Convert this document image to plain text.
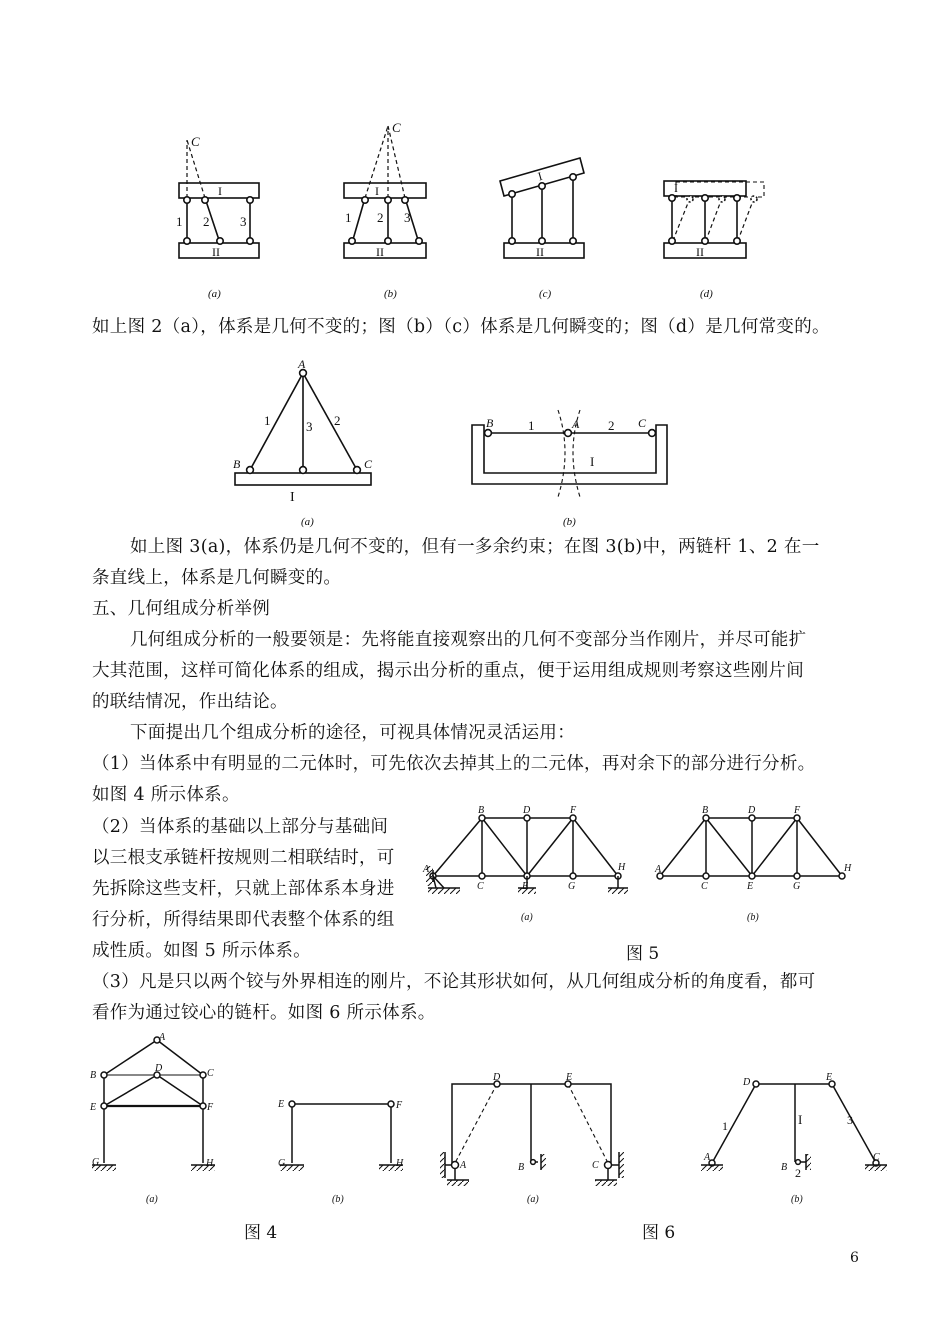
C
1 2 3
I
II
(a)
C
1 2 3
I
II
(b)
I
II
(c)
I
II
(d)
A
B	C
1	2
3
I
(a)
B	A	C
1	2
I
(b)
A
B	D	F
C	E	G
H
(a)
A
B	D	F
C	E	G
H
(b)
A
B	C
D
E	F
G	H
(a)
E	F
G	H
(b)
D	E
A	B	C
(a)
D	E
A
B
C
1
2
3
I
(b)
如上图 2（a），体系是几何不变的；图（b）（c）体系是几何瞬变的；图（d）是几何常变的。
如上图 3(a)，体系仍是几何不变的，但有一多余约束；在图 3(b)中，两链杆 1、2 在一
条直线上，体系是几何瞬变的。
五、几何组成分析举例
几何组成分析的一般要领是：先将能直接观察出的几何不变部分当作刚片，并尽可能扩
大其范围，这样可简化体系的组成，揭示出分析的重点，便于运用组成规则考察这些刚片间
的联结情况，作出结论。
下面提出几个组成分析的途径，可视具体情况灵活运用：
（1）当体系中有明显的二元体时，可先依次去掉其上的二元体，再对余下的部分进行分析。
如图 4 所示体系。
（2）当体系的基础以上部分与基础间
以三根支承链杆按规则二相联结时，可
先拆除这些支杆，只就上部体系本身进
行分析，所得结果即代表整个体系的组
成性质。如图 5 所示体系。	图 5
（3）凡是只以两个铰与外界相连的刚片，不论其形状如何，从几何组成分析的角度看，都可
看作为通过铰心的链杆。如图 6 所示体系。
图 4	图 6
6
